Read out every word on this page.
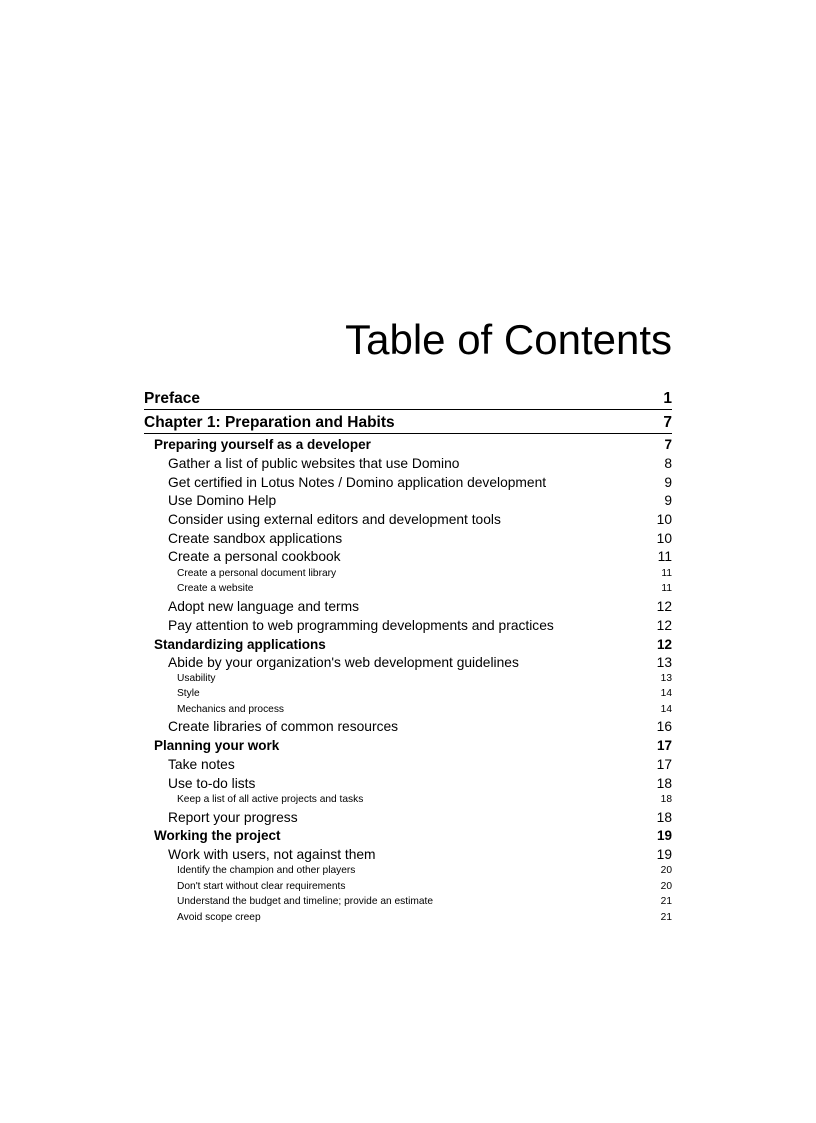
Table of Contents
Preface	1
Chapter 1: Preparation and Habits	7
Preparing yourself as a developer	7
Gather a list of public websites that use Domino	8
Get certified in Lotus Notes / Domino application development	9
Use Domino Help	9
Consider using external editors and development tools	10
Create sandbox applications	10
Create a personal cookbook	11
Create a personal document library	11
Create a website	11
Adopt new language and terms	12
Pay attention to web programming developments and practices	12
Standardizing applications	12
Abide by your organization's web development guidelines	13
Usability	13
Style	14
Mechanics and process	14
Create libraries of common resources	16
Planning your work	17
Take notes	17
Use to-do lists	18
Keep a list of all active projects and tasks	18
Report your progress	18
Working the project	19
Work with users, not against them	19
Identify the champion and other players	20
Don't start without clear requirements	20
Understand the budget and timeline; provide an estimate	21
Avoid scope creep	21
